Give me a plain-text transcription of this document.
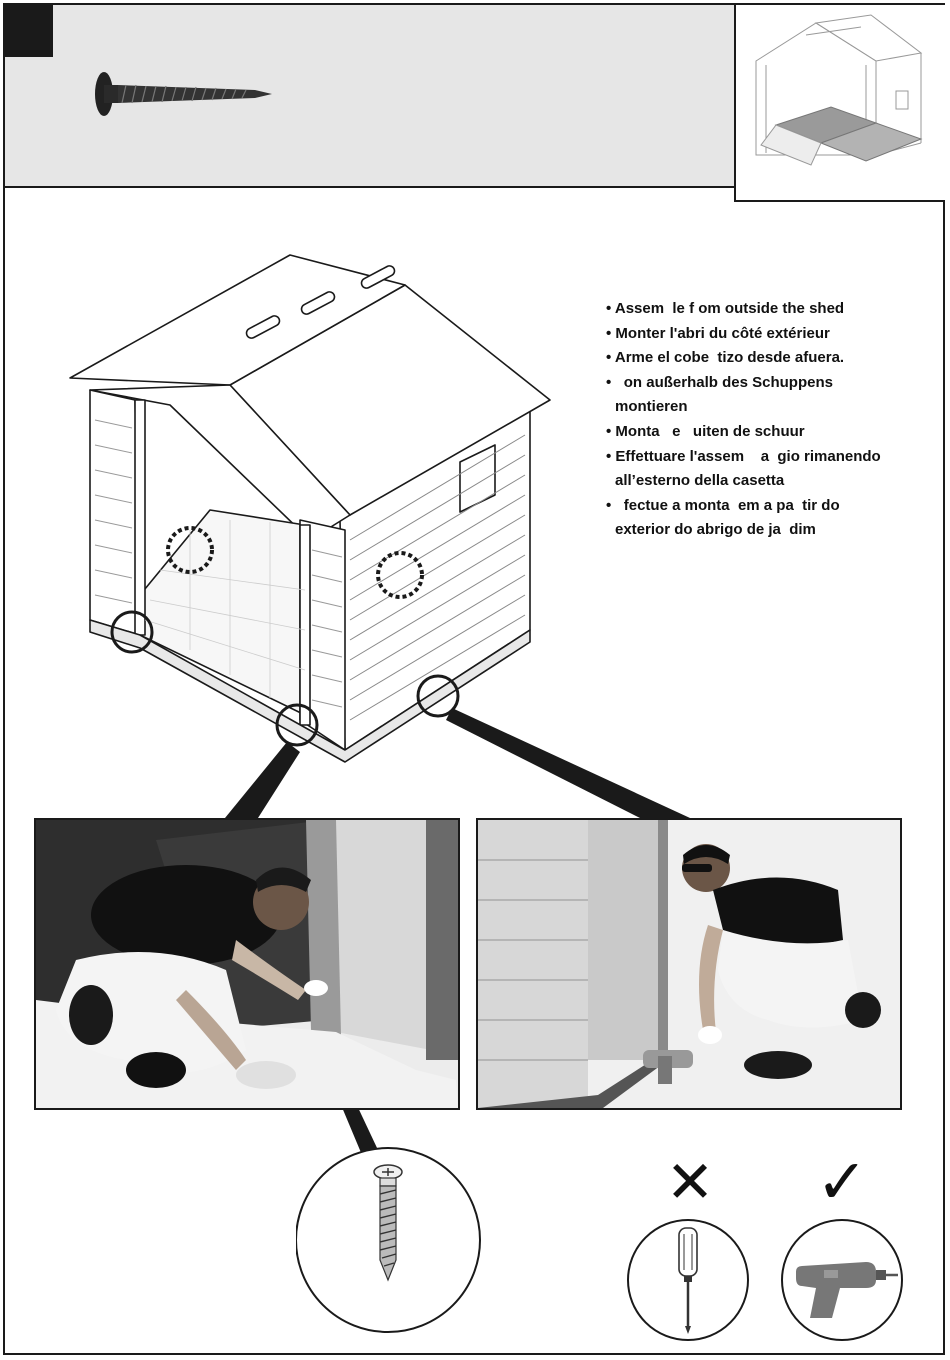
• Assem  le f om outside the shed
• Monter l'abri du côté extérieur
• Arme el cobe  tizo desde afuera.
•   on außerhalb des Schuppens
montieren
• Monta   e   uiten de schuur
• Effettuare l'assem    a  gio rimanendo
all’esterno della casetta
•   fectue a monta  em a pa  tir do
exterior do abrigo de ja  dim
✕ ✓
